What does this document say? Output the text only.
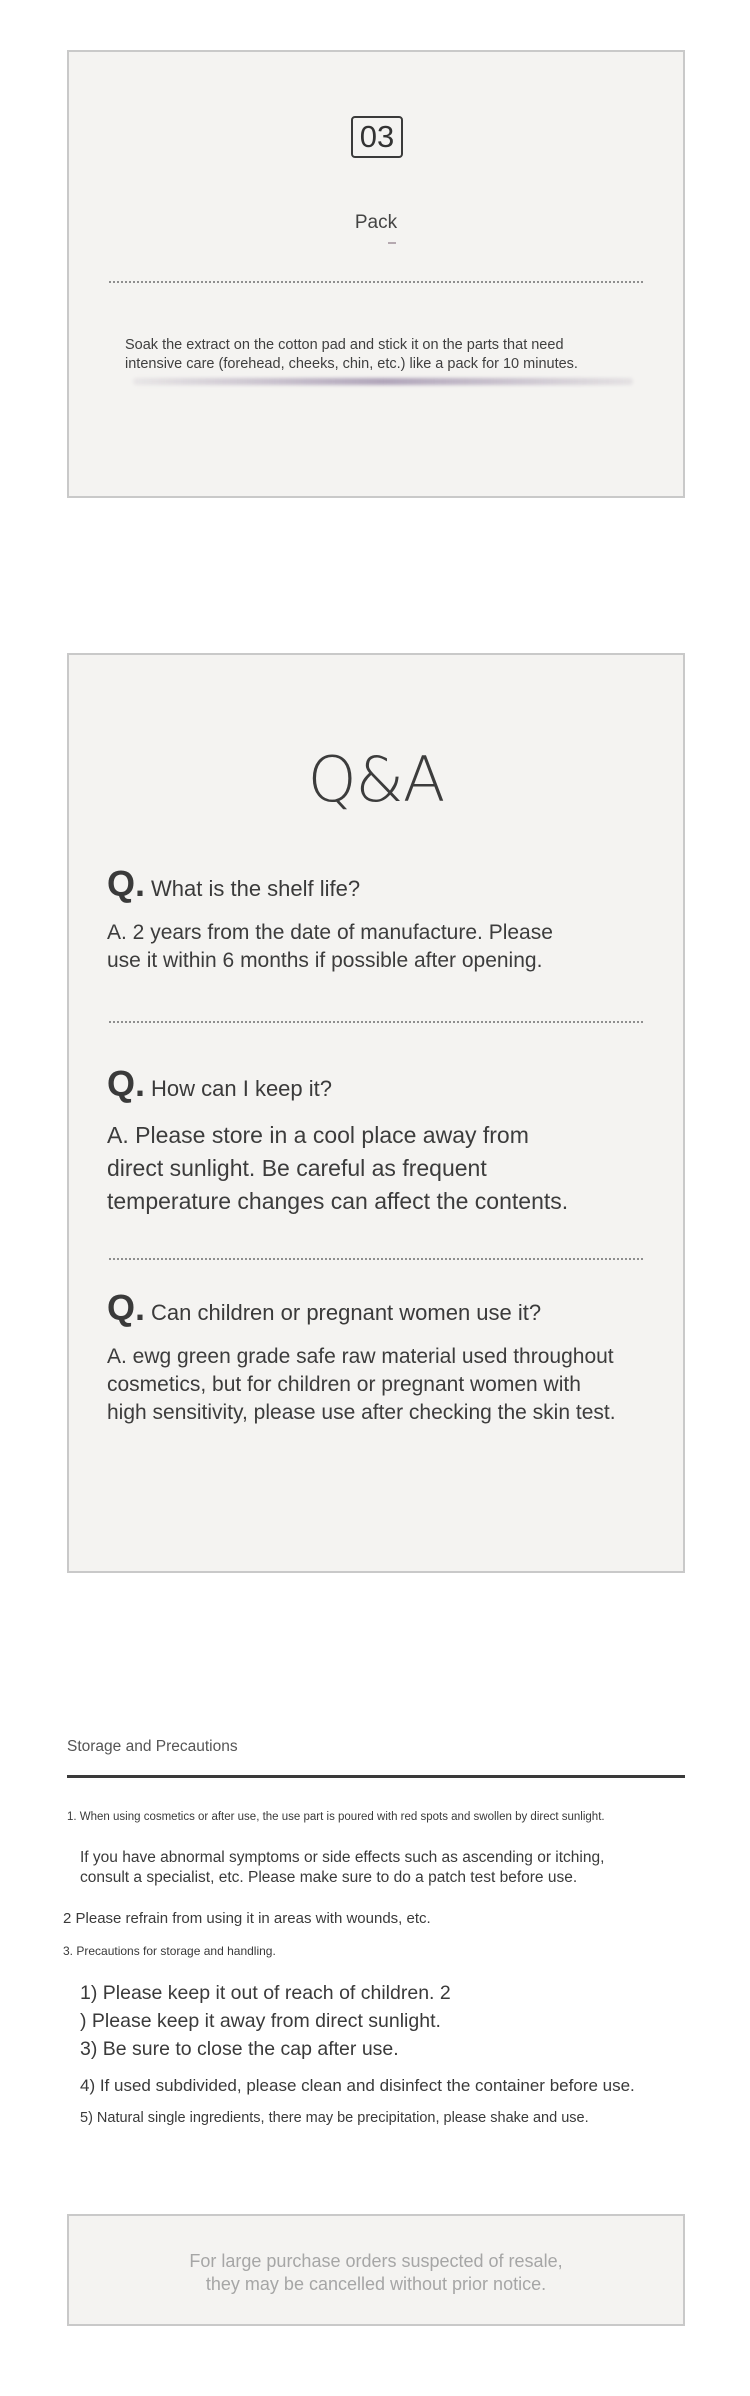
03
Pack
Soak the extract on the cotton pad and stick it on the parts that need
intensive care (forehead, cheeks, chin, etc.) like a pack for 10 minutes.
Q&A
Q. What is the shelf life?
A. 2 years from the date of manufacture. Please
use it within 6 months if possible after opening.
Q. How can I keep it?
A. Please store in a cool place away from
direct sunlight. Be careful as frequent
temperature changes can affect the contents.
Q. Can children or pregnant women use it?
A. ewg green grade safe raw material used throughout
cosmetics, but for children or pregnant women with
high sensitivity, please use after checking the skin test.
Storage and Precautions
1. When using cosmetics or after use, the use part is poured with red spots and swollen by direct sunlight.
If you have abnormal symptoms or side effects such as ascending or itching,
consult a specialist, etc. Please make sure to do a patch test before use.
2 Please refrain from using it in areas with wounds, etc.
3. Precautions for storage and handling.
1) Please keep it out of reach of children. 2
) Please keep it away from direct sunlight.
3) Be sure to close the cap after use.
4) If used subdivided, please clean and disinfect the container before use.
5) Natural single ingredients, there may be precipitation, please shake and use.
For large purchase orders suspected of resale,
they may be cancelled without prior notice.
